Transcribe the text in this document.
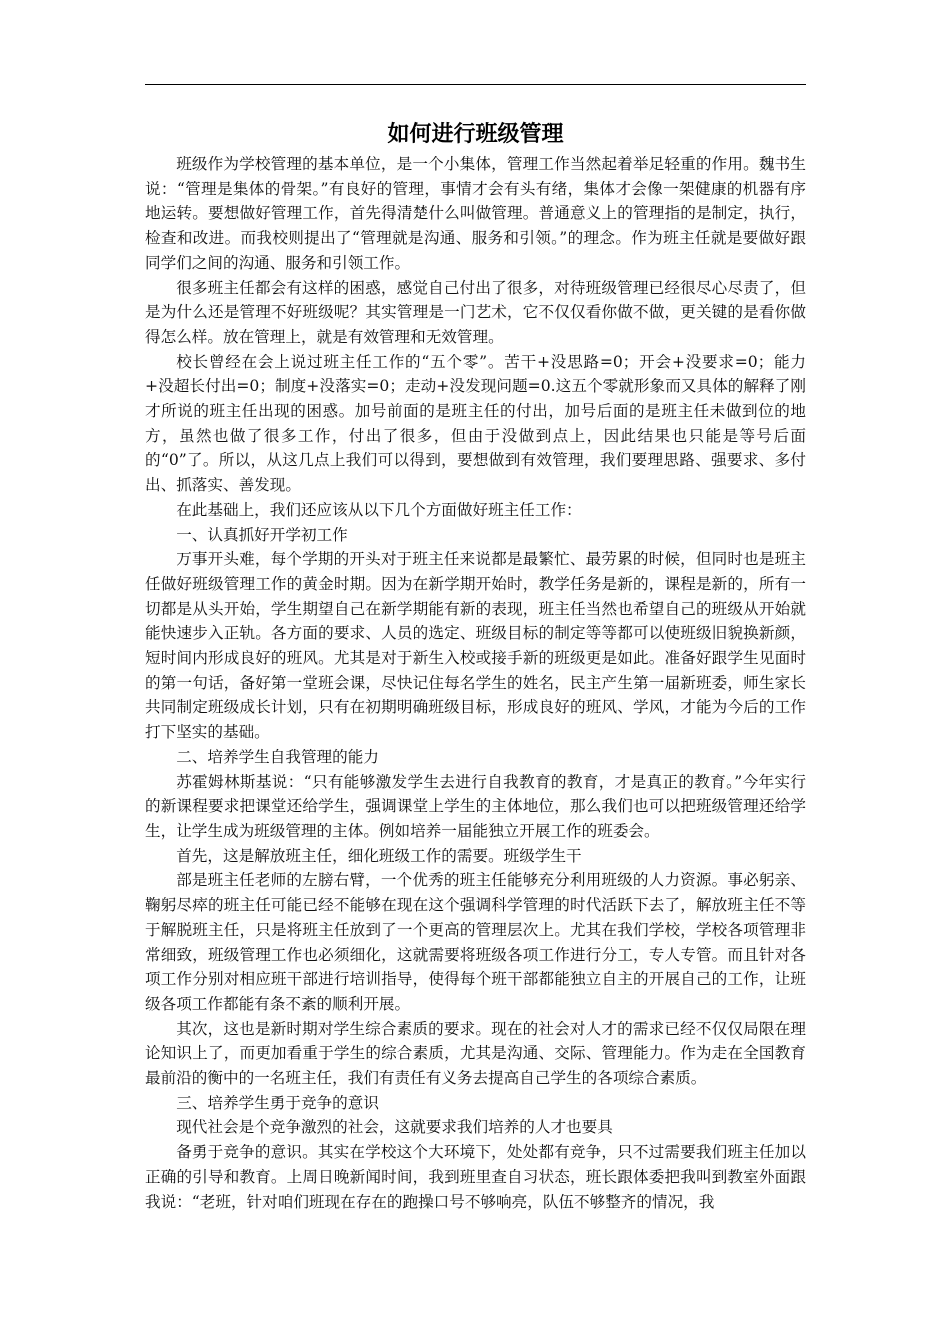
如何进行班级管理

班级作为学校管理的基本单位，是一个小集体，管理工作当然起着举足轻重的作用。魏书生说：“管理是集体的骨架。”有良好的管理，事情才会有头有绪，集体才会像一架健康的机器有序地运转。要想做好管理工作，首先得清楚什么叫做管理。普通意义上的管理指的是制定，执行，检查和改进。而我校则提出了“管理就是沟通、服务和引领。”的理念。作为班主任就是要做好跟同学们之间的沟通、服务和引领工作。

很多班主任都会有这样的困惑，感觉自己付出了很多，对待班级管理已经很尽心尽责了，但是为什么还是管理不好班级呢？其实管理是一门艺术，它不仅仅看你做不做，更关键的是看你做得怎么样。放在管理上，就是有效管理和无效管理。

校长曾经在会上说过班主任工作的“五个零”。苦干+没思路=0；开会+没要求=0；能力+没超长付出=0；制度+没落实=0；走动+没发现问题=0.这五个零就形象而又具体的解释了刚才所说的班主任出现的困惑。加号前面的是班主任的付出，加号后面的是班主任未做到位的地方，虽然也做了很多工作，付出了很多，但由于没做到点上，因此结果也只能是等号后面的“0”了。所以，从这几点上我们可以得到，要想做到有效管理，我们要理思路、强要求、多付出、抓落实、善发现。

在此基础上，我们还应该从以下几个方面做好班主任工作：

一、认真抓好开学初工作

万事开头难，每个学期的开头对于班主任来说都是最繁忙、最劳累的时候，但同时也是班主任做好班级管理工作的黄金时期。因为在新学期开始时，教学任务是新的，课程是新的，所有一切都是从头开始，学生期望自己在新学期能有新的表现，班主任当然也希望自己的班级从开始就能快速步入正轨。各方面的要求、人员的选定、班级目标的制定等等都可以使班级旧貌换新颜，短时间内形成良好的班风。尤其是对于新生入校或接手新的班级更是如此。准备好跟学生见面时的第一句话，备好第一堂班会课，尽快记住每名学生的姓名，民主产生第一届新班委，师生家长共同制定班级成长计划，只有在初期明确班级目标，形成良好的班风、学风，才能为今后的工作打下坚实的基础。

二、培养学生自我管理的能力

苏霍姆林斯基说：“只有能够激发学生去进行自我教育的教育，才是真正的教育。”今年实行的新课程要求把课堂还给学生，强调课堂上学生的主体地位，那么我们也可以把班级管理还给学生，让学生成为班级管理的主体。例如培养一届能独立开展工作的班委会。

首先，这是解放班主任，细化班级工作的需要。班级学生干

部是班主任老师的左膀右臂，一个优秀的班主任能够充分利用班级的人力资源。事必躬亲、鞠躬尽瘁的班主任可能已经不能够在现在这个强调科学管理的时代活跃下去了，解放班主任不等于解脱班主任，只是将班主任放到了一个更高的管理层次上。尤其在我们学校，学校各项管理非常细致，班级管理工作也必须细化，这就需要将班级各项工作进行分工，专人专管。而且针对各项工作分别对相应班干部进行培训指导，使得每个班干部都能独立自主的开展自己的工作，让班级各项工作都能有条不紊的顺利开展。

其次，这也是新时期对学生综合素质的要求。现在的社会对人才的需求已经不仅仅局限在理论知识上了，而更加看重于学生的综合素质，尤其是沟通、交际、管理能力。作为走在全国教育最前沿的衡中的一名班主任，我们有责任有义务去提高自己学生的各项综合素质。

三、培养学生勇于竞争的意识

现代社会是个竞争激烈的社会，这就要求我们培养的人才也要具

备勇于竞争的意识。其实在学校这个大环境下，处处都有竞争，只不过需要我们班主任加以正确的引导和教育。上周日晚新闻时间，我到班里查自习状态，班长跟体委把我叫到教室外面跟我说：“老班，针对咱们班现在存在的跑操口号不够响亮，队伍不够整齐的情况，我
